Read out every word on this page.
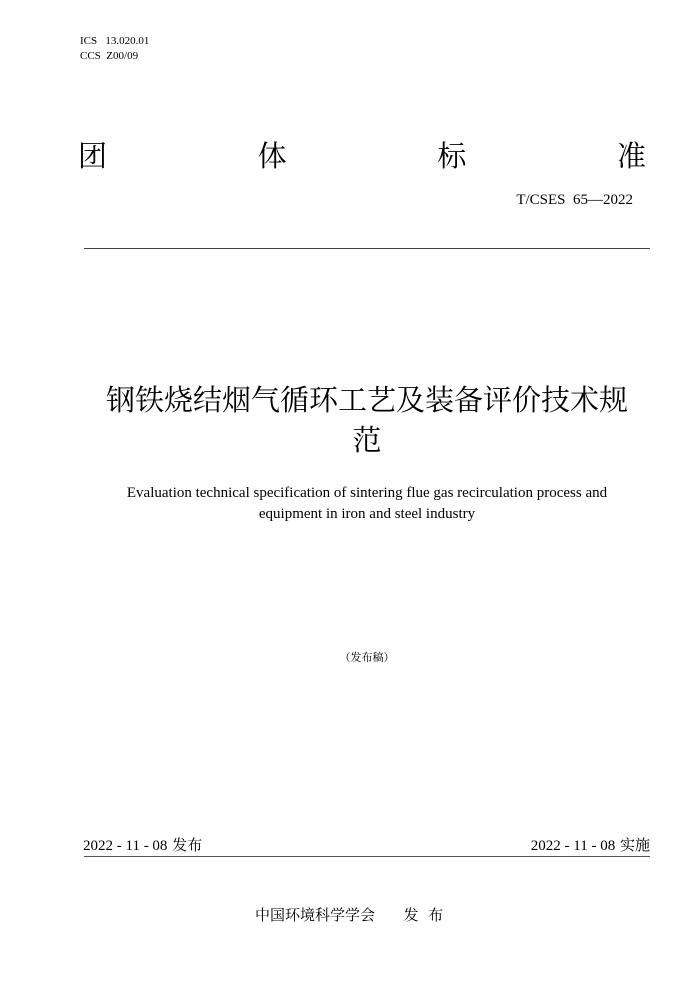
ICS   13.020.01
CCS  Z00/09
团	体	标	准
T/CSES  65—2022
钢铁烧结烟气循环工艺及装备评价技术规
范
Evaluation technical specification of sintering flue gas recirculation process and
equipment in iron and steel industry
（发布稿）
2022 - 11 - 08 发布	2022 - 11 - 08 实施
中国环境科学学会      发  布
